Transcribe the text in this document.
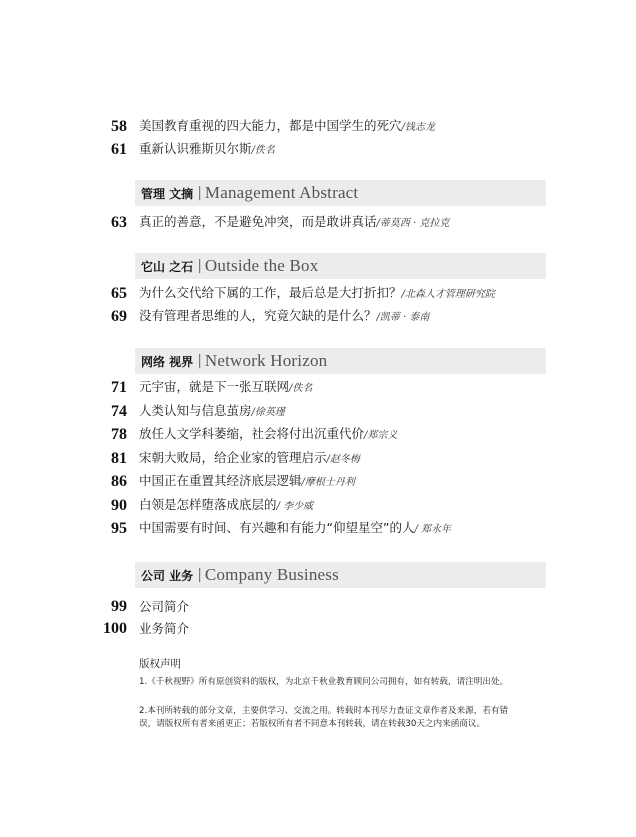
58 美国教育重视的四大能力，都是中国学生的死穴/钱志龙
61 重新认识雅斯贝尔斯/佚名
管理 文摘 | Management Abstract
63 真正的善意，不是避免冲突，而是敢讲真话/蒂莫西 · 克拉克
它山 之石 | Outside the Box
65 为什么交代给下属的工作，最后总是大打折扣？/北森人才管理研究院
69 没有管理者思维的人，究竟欠缺的是什么？/凯蒂 · 泰南
网络 视界 | Network Horizon
71 元宇宙，就是下一张互联网/佚名
74 人类认知与信息茧房/徐英瑾
78 放任人文学科萎缩，社会将付出沉重代价/郑宗义
81 宋朝大败局，给企业家的管理启示/赵冬梅
86 中国正在重置其经济底层逻辑/摩根士丹利
90 白领是怎样堕落成底层的/ 李少威
95 中国需要有时间、有兴趣和有能力“仰望星空”的人/ 郑永年
公司 业务 | Company Business
99 公司简介
100 业务简介
版权声明
1.《千秋视野》所有原创资料的版权，为北京千秋业教育顾问公司拥有，如有转载，请注明出处。
2.本刊所转载的部分文章，主要供学习、交流之用。转载时本刊尽力查证文章作者及来源，若有错误，请版权所有者来函更正；若版权所有者不同意本刊转载，请在转载30天之内来函商议。
